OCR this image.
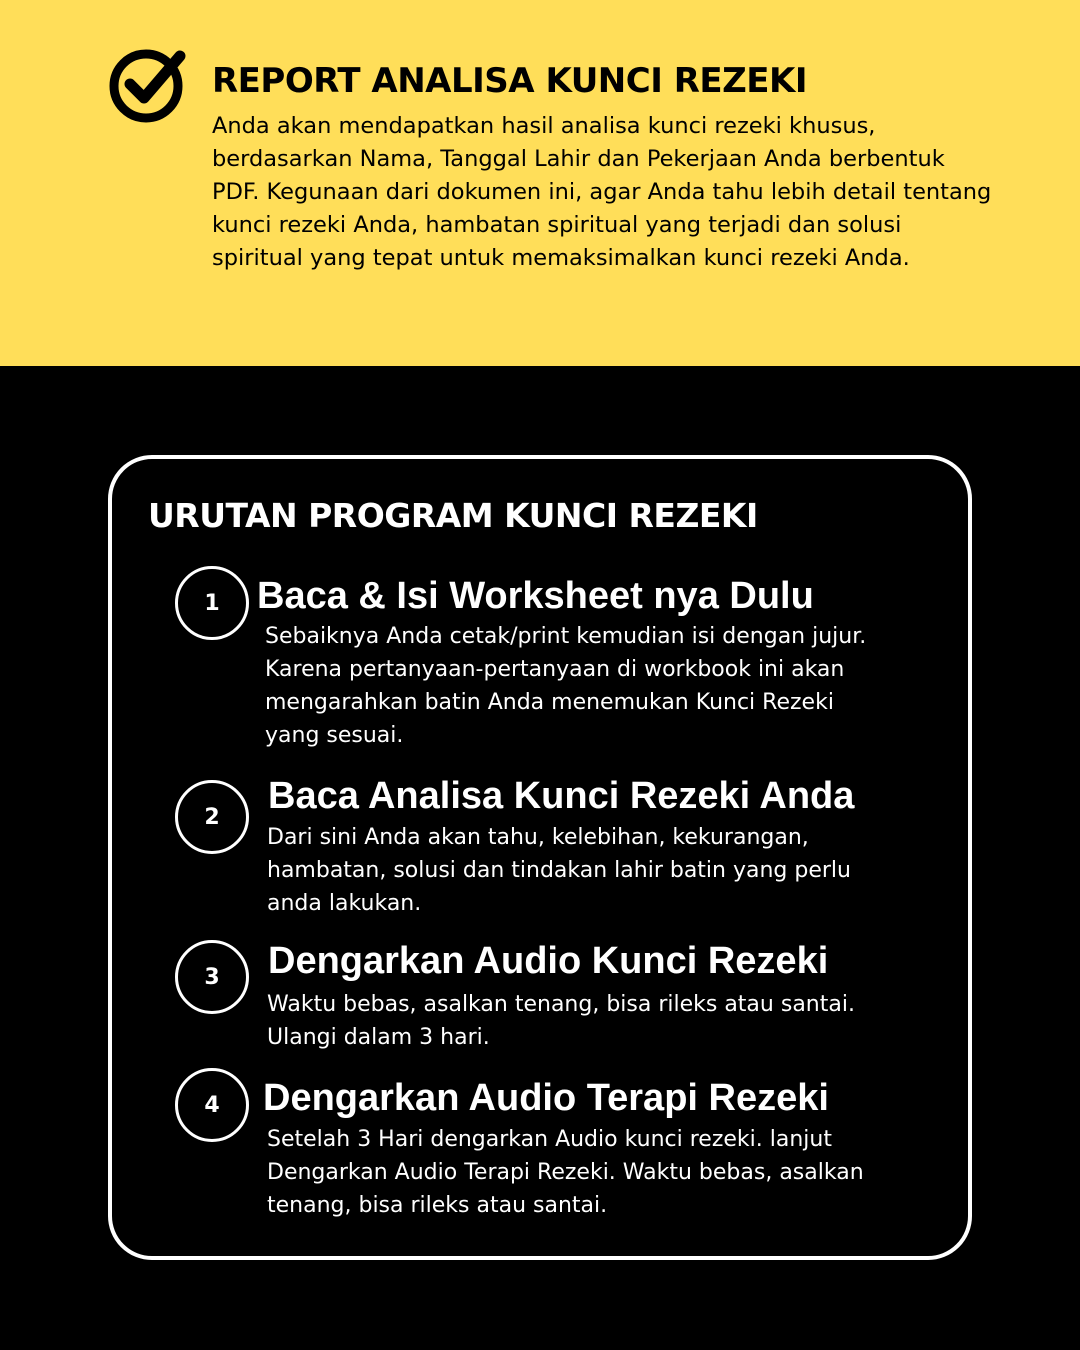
REPORT ANALISA KUNCI REZEKI
Anda akan mendapatkan hasil analisa kunci rezeki khusus, berdasarkan Nama, Tanggal Lahir dan Pekerjaan Anda berbentuk PDF. Kegunaan dari dokumen ini, agar Anda tahu lebih detail tentang kunci rezeki Anda, hambatan spiritual yang terjadi dan solusi spiritual yang tepat untuk memaksimalkan kunci rezeki Anda.
URUTAN PROGRAM KUNCI REZEKI
1 Baca & Isi Worksheet nya Dulu
Sebaiknya Anda cetak/print kemudian isi dengan jujur. Karena pertanyaan-pertanyaan di workbook ini akan mengarahkan batin Anda menemukan Kunci Rezeki yang sesuai.
2	Baca Analisa Kunci Rezeki Anda
Dari sini Anda akan tahu, kelebihan, kekurangan, hambatan, solusi dan tindakan lahir batin yang perlu anda lakukan.
3	Dengarkan Audio Kunci Rezeki
Waktu bebas, asalkan tenang, bisa rileks atau santai. Ulangi dalam 3 hari.
4	Dengarkan Audio Terapi Rezeki
Setelah 3 Hari dengarkan Audio kunci rezeki. lanjut Dengarkan Audio Terapi Rezeki. Waktu bebas, asalkan tenang, bisa rileks atau santai.
